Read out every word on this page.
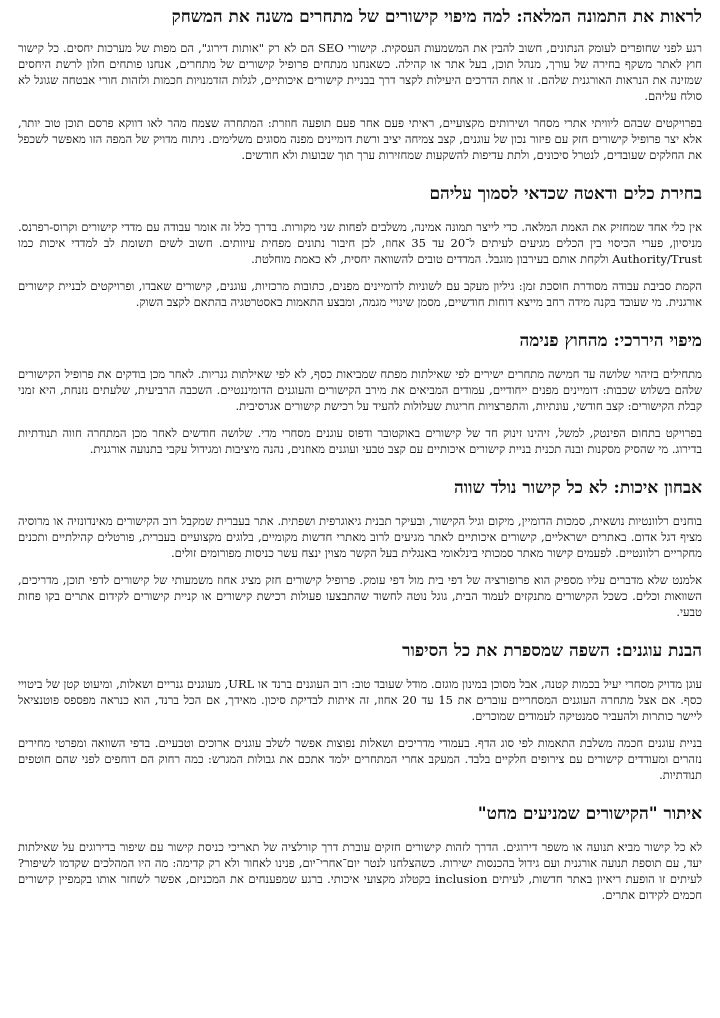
לראות את התמונה המלאה: למה מיפוי קישורים של מתחרים משנה את המשחק

רגע לפני שחופרים לעומק הנתונים, חשוב להבין את המשמעות העסקית. קישורי SEO הם לא רק "אותות דירוג", הם מפות של מערכות יחסים. כל קישור חוץ לאתר משקף בחירה של עורך, מנהל תוכן, בעל אתר או קהילה. כשאנחנו מנתחים פרופיל קישורים של מתחרים, אנחנו פותחים חלון לרשת היחסים שמזינה את הנראות האורגנית שלהם. זו אחת הדרכים היעילות לקצר דרך בבניית קישורים איכותיים, לגלות הזדמנויות חכמות ולזהות חורי אבטחה שגוגל לא סולח עליהם.

בפרויקטים שבהם ליוויתי אתרי מסחר ושירותים מקצועיים, ראיתי פעם אחר פעם תופעה חוזרת: המתחרה שצמח מהר לאו דווקא פרסם תוכן טוב יותר, אלא יצר פרופיל קישורים חזק עם פיזור נכון של עוגנים, קצב צמיחה יציב ורשת דומיינים מפנה מסוגים משלימים. ניתוח מדויק של המפה הזו מאפשר לשכפל את החלקים שעובדים, לנטרל סיכונים, ולתת עדיפות להשקעות שמחזירות ערך תוך שבועות ולא חודשים.

בחירת כלים ודאטה שכדאי לסמוך עליהם

אין כלי אחד שמחזיק את האמת המלאה. כדי לייצר תמונה אמינה, משלבים לפחות שני מקורות. בדרך כלל זה אומר עבודה עם מדדי קישורים וקרוס-רפרנס. מניסיון, פערי הכיסוי בין הכלים מגיעים לעיתים ל־20 עד 35 אחוז, לכן חיבור נתונים מפחית עיוותים. חשוב לשים תשומת לב למדדי איכות כמו Authority/Trust ולקחת אותם בעירבון מוגבל. המדדים טובים להשוואה יחסית, לא כאמת מוחלטת.

הקמת סביבת עבודה מסודרת חוסכת זמן: גיליון מעקב עם לשוניות לדומיינים מפנים, כתובות מרכזיות, עוגנים, קישורים שאבדו, ופרויקטים לבניית קישורים אורגנית. מי שעובד בקנה מידה רחב מייצא דוחות חודשיים, מסמן שינויי מגמה, ומבצע התאמות באסטרטגיה בהתאם לקצב השוק.

מיפוי היררכי: מהחוץ פנימה

מתחילים בזיהוי שלושה עד חמישה מתחרים ישירים לפי שאילתות מפתח שמביאות כסף, לא לפי שאילתות גנריות. לאחר מכן בודקים את פרופיל הקישורים שלהם בשלוש שכבות: דומיינים מפנים ייחודיים, עמודים המביאים את מירב הקישורים והעוגנים הדומיננטיים. השכבה הרביעית, שלעתים נזנחת, היא זמני קבלת הקישורים: קצב חודשי, עונתיות, והתפרצויות חריגות שעלולות להעיד על רכישת קישורים אגרסיבית.

בפרויקט בתחום הפינטק, למשל, זיהינו זינוק חד של קישורים באוקטובר ודפוס עוגנים מסחרי מדי. שלושה חודשים לאחר מכן המתחרה חווה תנודתיות בדירוג. מי שהסיק מסקנות ובנה תכנית בניית קישורים איכותיים עם קצב טבעי ועוגנים מאוזנים, נהנה מיציבות ומגידול עקבי בתנועה אורגנית.

אבחון איכות: לא כל קישור נולד שווה

בוחנים רלוונטיות נושאית, סמכות הדומיין, מיקום וגיל הקישור, ובעיקר תבנית גיאוגרפית ושפתית. אתר בעברית שמקבל רוב הקישורים מאינדונזיה או מרוסיה מציף דגל אדום. באתרים ישראליים, קישורים איכותיים לאתר מגיעים לרוב מאתרי חדשות מקומיים, בלוגים מקצועיים בעברית, פורטלים קהילתיים ותכנים מחקריים רלוונטיים. לפעמים קישור מאתר סמכותי בינלאומי באנגלית בעל הקשר מצוין ינצח עשר כניסות מפורומים זולים.

אלמנט שלא מדברים עליו מספיק הוא פרופורציה של דפי בית מול דפי עומק. פרופיל קישורים חזק מציג אחוז משמעותי של קישורים לדפי תוכן, מדריכים, השוואות וכלים. כשכל הקישורים מתנקזים לעמוד הבית, גוגל נוטה לחשוד שהתבצעו פעולות רכישת קישורים או קניית קישורים לקידום אתרים בקו פחות טבעי.

הבנת עוגנים: השפה שמספרת את כל הסיפור

עוגן מדויק מסחרי יעיל בכמות קטנה, אבל מסוכן במינון מוגזם. מודל שעובד טוב: רוב העוגנים ברנד או URL, מעוגנים גנריים ושאלות, ומיעוט קטן של ביטויי כסף. אם אצל מתחרה העוגנים המסחריים עוברים את 15 עד 20 אחוז, זה איתות לבדיקת סיכון. מאידך, אם הכל ברנד, הוא כנראה מפספס פוטנציאל ליישר כותרות ולהעביר סמנטיקה לעמודים שמוכרים.

בניית עוגנים חכמה משלבת התאמות לפי סוג הדף. בעמודי מדריכים ושאלות נפוצות אפשר לשלב עוגנים ארוכים וטבעיים. בדפי השוואה ומפרטי מחירים נזהרים ומעודדים קישורים עם צירופים חלקיים בלבד. המעקב אחרי המתחרים ילמד אתכם את גבולות המגרש: כמה רחוק הם דוחפים לפני שהם חוטפים תנודתיות.

איתור "הקישורים שמניעים מחט"

לא כל קישור מביא תנועה או משפר דירוגים. הדרך לזהות קישורים חזקים עוברת דרך קורלציה של תאריכי כניסת קישור עם שיפור בדירוגים על שאילתות יעד, עם תוספת תנועה אורגנית ועם גידול בהכנסות ישירות. כשהצלחנו לנטר יום־אחרי־יום, פנינו לאחור ולא רק קדימה: מה היו המהלכים שקדמו לשיפור? לעיתים זו הופעת ריאיון באתר חדשות, לעיתים inclusion בקטלוג מקצועי איכותי. ברגע שמפענחים את המכניזם, אפשר לשחזר אותו בקמפיין קישורים חכמים לקידום אתרים.
